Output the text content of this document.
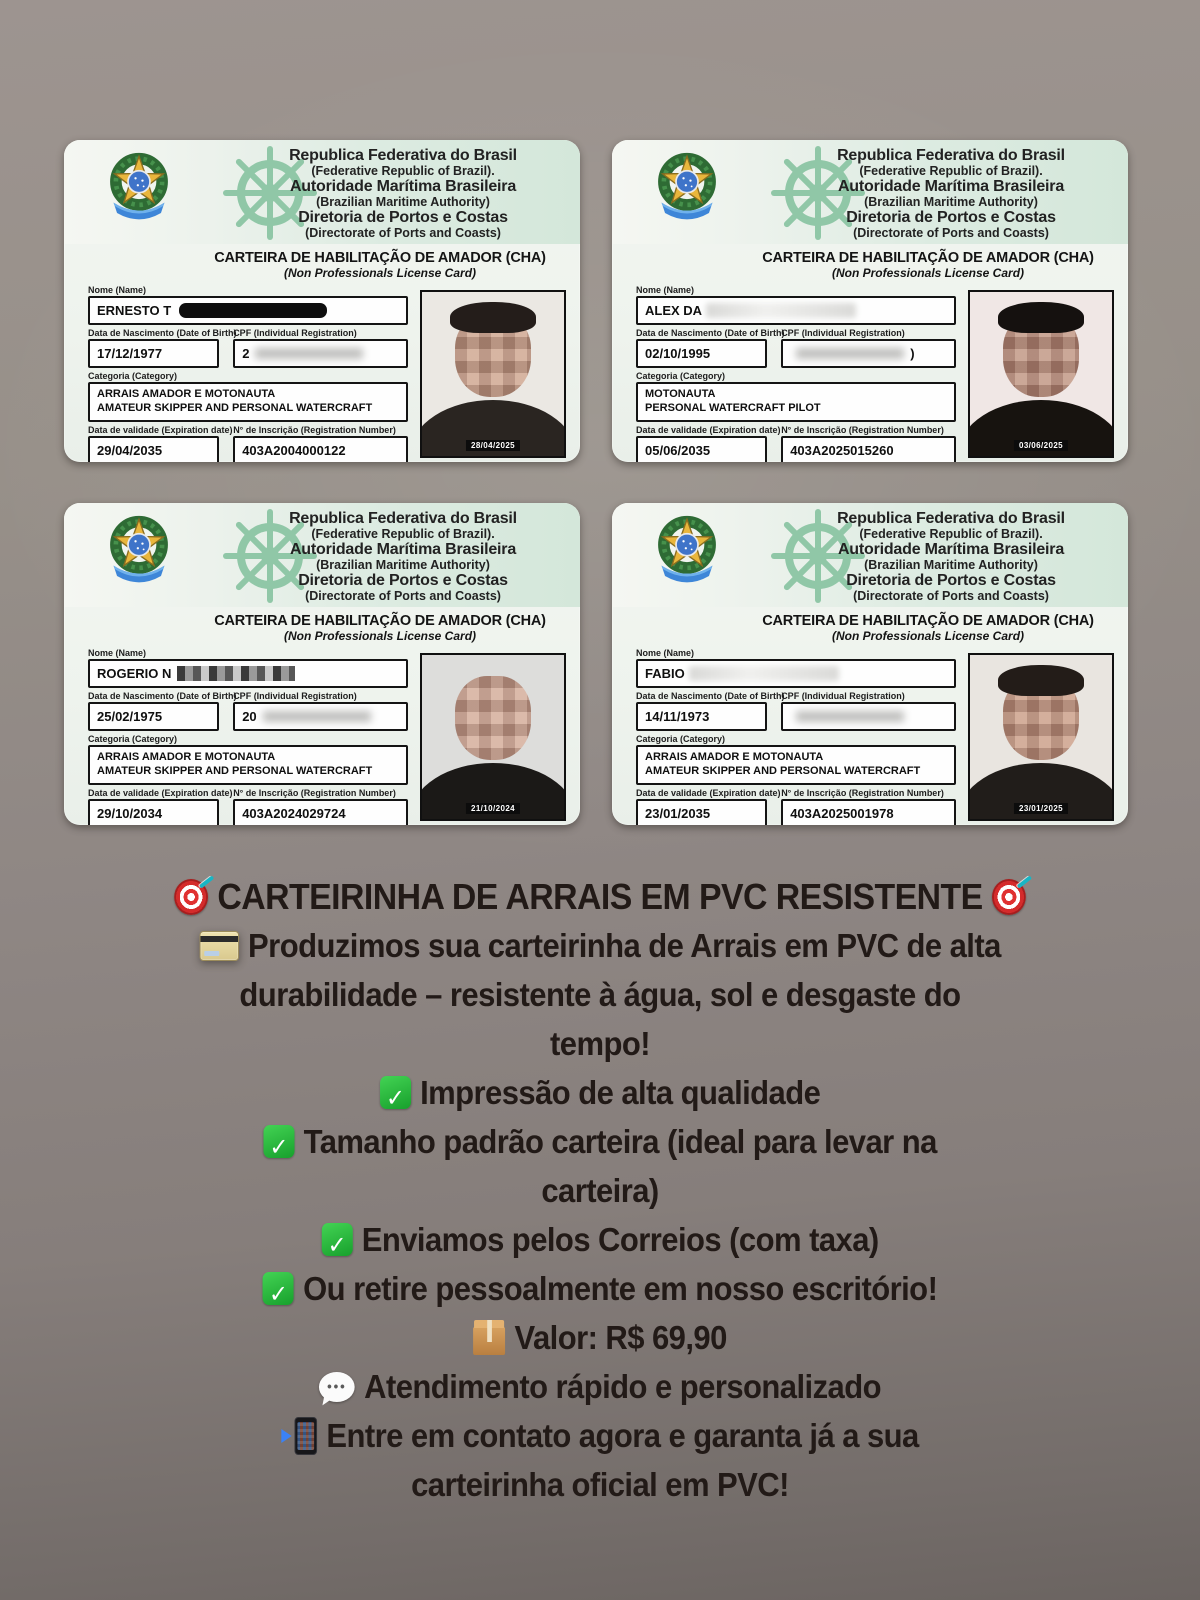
Republica Federativa do Brasil
(Federative Republic of Brazil).
Autoridade Marítima Brasileira
(Brazilian Maritime Authority)
Diretoria de Portos e Costas
(Directorate of Ports and Coasts)
CARTEIRA DE HABILITAÇÃO DE AMADOR (CHA)
(Non Professionals License Card)
Nome (Name)
ERNESTO T
Data de Nascimento (Date of Birth)
17/12/1977
CPF (Individual Registration)
2
Categoria (Category)
ARRAIS AMADOR E MOTONAUTA
AMATEUR SKIPPER AND PERSONAL WATERCRAFT
Data de validade (Expiration date)
29/04/2035
N° de Inscrição (Registration Number)
403A2004000122	28/04/2025
Republica Federativa do Brasil
(Federative Republic of Brazil).
Autoridade Marítima Brasileira
(Brazilian Maritime Authority)
Diretoria de Portos e Costas
(Directorate of Ports and Coasts)
CARTEIRA DE HABILITAÇÃO DE AMADOR (CHA)
(Non Professionals License Card)
Nome (Name)
ALEX DA
Data de Nascimento (Date of Birth)
02/10/1995
CPF (Individual Registration)
)
Categoria (Category)
MOTONAUTA
PERSONAL WATERCRAFT PILOT
Data de validade (Expiration date)
05/06/2035
N° de Inscrição (Registration Number)
403A2025015260	03/06/2025
Republica Federativa do Brasil
(Federative Republic of Brazil).
Autoridade Marítima Brasileira
(Brazilian Maritime Authority)
Diretoria de Portos e Costas
(Directorate of Ports and Coasts)
CARTEIRA DE HABILITAÇÃO DE AMADOR (CHA)
(Non Professionals License Card)
Nome (Name)
ROGERIO N
Data de Nascimento (Date of Birth)
25/02/1975
CPF (Individual Registration)
20
Categoria (Category)
ARRAIS AMADOR E MOTONAUTA
AMATEUR SKIPPER AND PERSONAL WATERCRAFT
Data de validade (Expiration date)
29/10/2034
N° de Inscrição (Registration Number)
403A2024029724	21/10/2024
Republica Federativa do Brasil
(Federative Republic of Brazil).
Autoridade Marítima Brasileira
(Brazilian Maritime Authority)
Diretoria de Portos e Costas
(Directorate of Ports and Coasts)
CARTEIRA DE HABILITAÇÃO DE AMADOR (CHA)
(Non Professionals License Card)
Nome (Name)
FABIO
Data de Nascimento (Date of Birth)
14/11/1973
CPF (Individual Registration)
Categoria (Category)
ARRAIS AMADOR E MOTONAUTA
AMATEUR SKIPPER AND PERSONAL WATERCRAFT
Data de validade (Expiration date)
23/01/2035
N° de Inscrição (Registration Number)
403A2025001978	23/01/2025
CARTEIRINHA DE ARRAIS EM PVC RESISTENTE
Produzimos sua carteirinha de Arrais em PVC de alta
durabilidade – resistente à água, sol e desgaste do
tempo!
✓
Impressão de alta qualidade
✓
Tamanho padrão carteira (ideal para levar na
carteira)
✓
Enviamos pelos Correios (com taxa)
✓
Ou retire pessoalmente em nosso escritório!
Valor: R$ 69,90
•••
Atendimento rápido e personalizado
Entre em contato agora e garanta já a sua
carteirinha oficial em PVC!
